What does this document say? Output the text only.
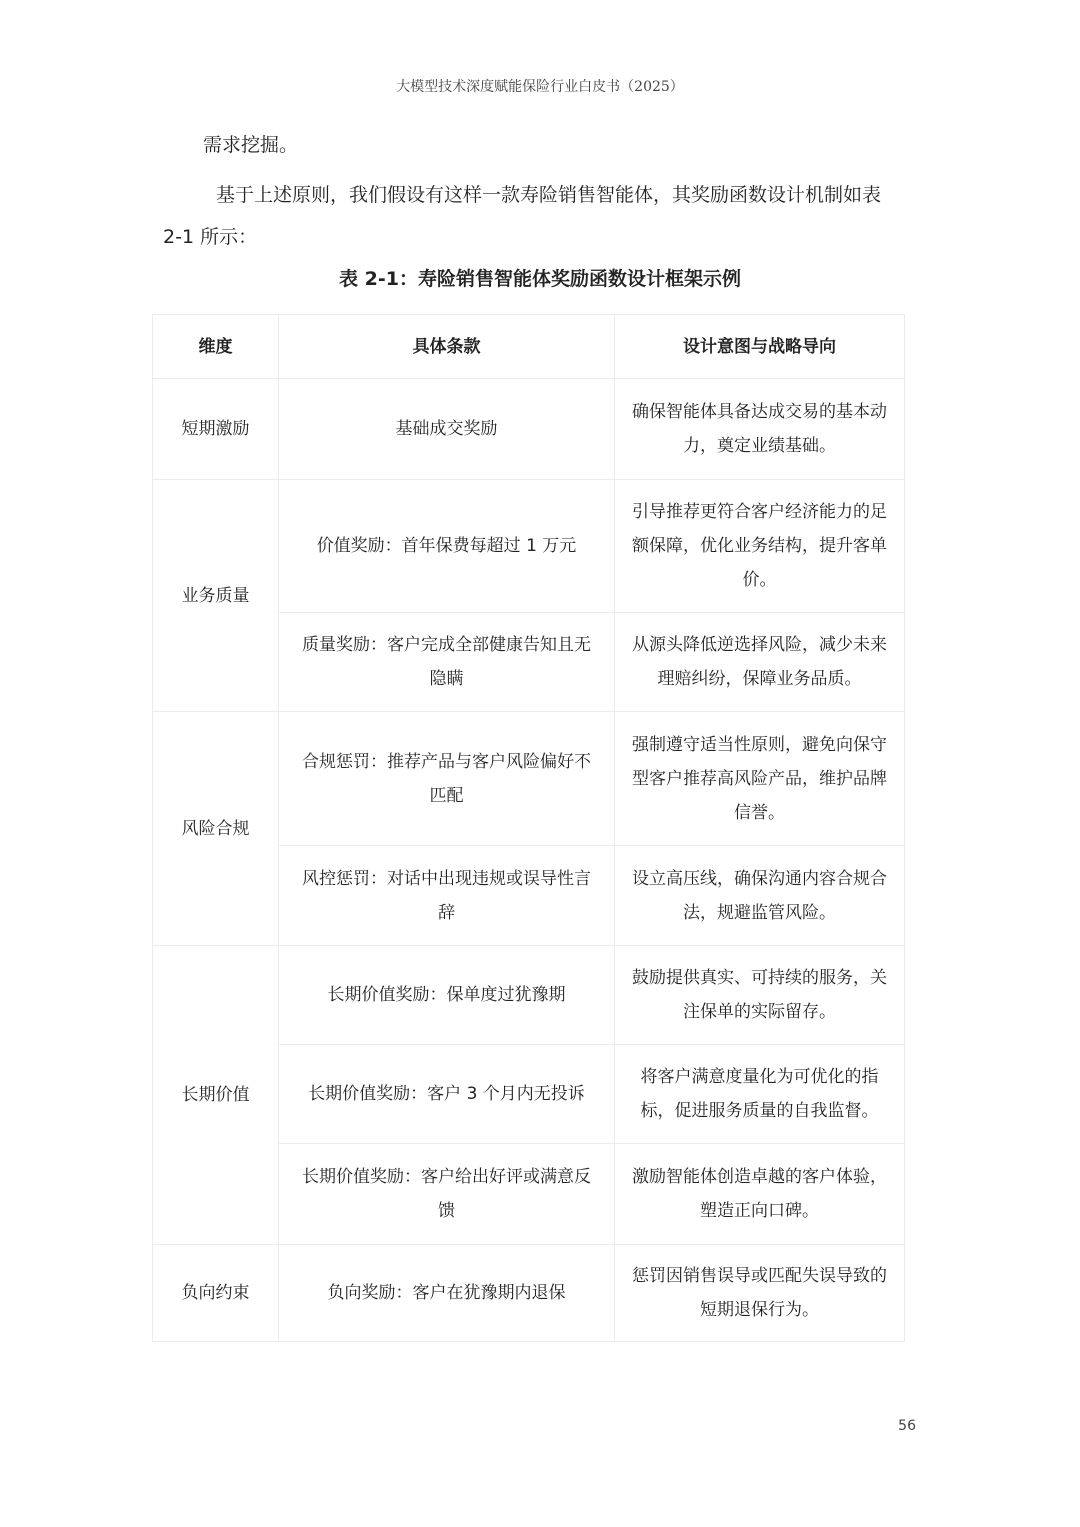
大模型技术深度赋能保险行业白皮书（2025）
需求挖掘。
基于上述原则，我们假设有这样一款寿险销售智能体，其奖励函数设计机制如表
2-1 所示：
表 2-1：寿险销售智能体奖励函数设计框架示例
维度	具体条款	设计意图与战略导向
短期激励	基础成交奖励	确保智能体具备达成交易的基本动力，奠定业绩基础。
业务质量	价值奖励：首年保费每超过 1 万元	引导推荐更符合客户经济能力的足额保障，优化业务结构，提升客单价。
	质量奖励：客户完成全部健康告知且无隐瞒	从源头降低逆选择风险，减少未来理赔纠纷，保障业务品质。
风险合规	合规惩罚：推荐产品与客户风险偏好不匹配	强制遵守适当性原则，避免向保守型客户推荐高风险产品，维护品牌信誉。
	风控惩罚：对话中出现违规或误导性言辞	设立高压线，确保沟通内容合规合法，规避监管风险。
长期价值	长期价值奖励：保单度过犹豫期	鼓励提供真实、可持续的服务，关注保单的实际留存。
	长期价值奖励：客户 3 个月内无投诉	将客户满意度量化为可优化的指标，促进服务质量的自我监督。
	长期价值奖励：客户给出好评或满意反馈	激励智能体创造卓越的客户体验，塑造正向口碑。
负向约束	负向奖励：客户在犹豫期内退保	惩罚因销售误导或匹配失误导致的短期退保行为。
56
